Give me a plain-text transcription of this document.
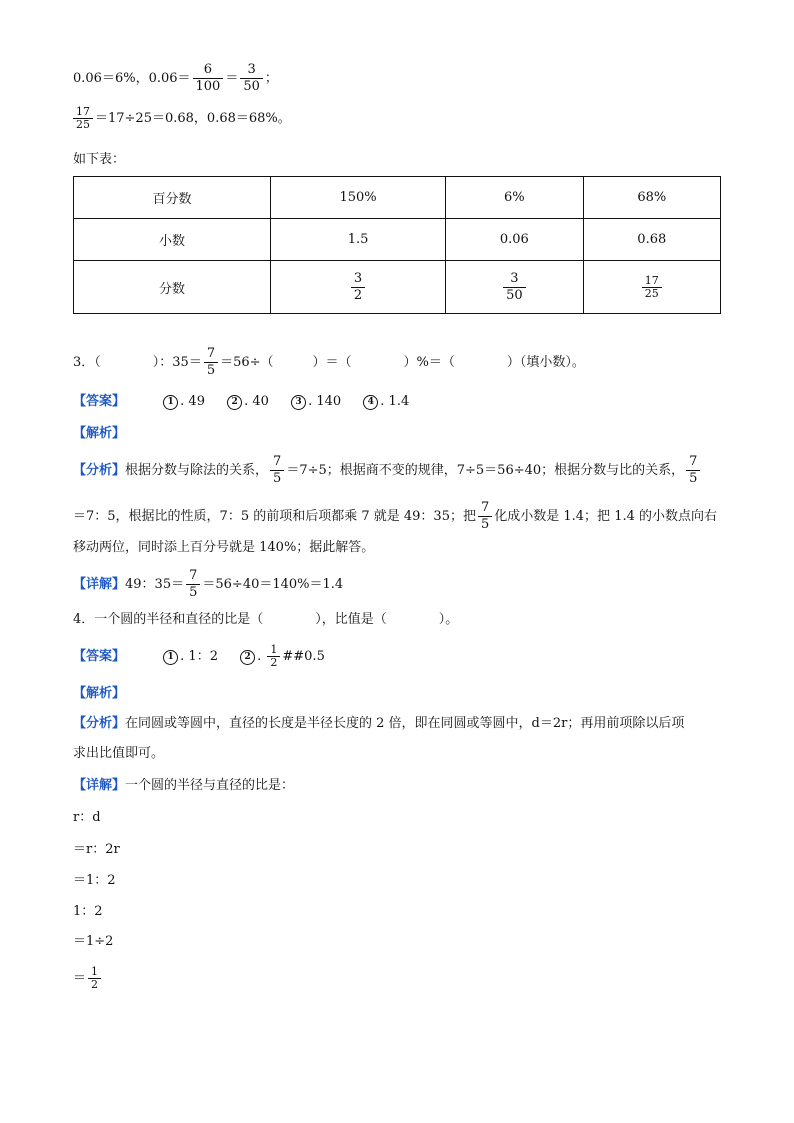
0.06＝6%，$0.06= \frac{6}{100} = \frac{3}{50}$ ；
$\frac{17}{25} =17\div 25=0.68$，0.68＝68%。
如下表：
百分数	150%	6%	68%
小数	1.5	0.06	0.68
分数	$\frac{3}{2}$	$\frac{3}{50}$	$\frac{17}{25}$
3．（　　　　）：$35= \frac{7}{5} =56\div$（　　　）＝（　　　　）%＝（　　　　）（填小数）。
【答案】	1 . 49	2 . 40	3 . 140	4 . 1.4
【解析】
【分析】根据分数与除法的关系， $\frac{7}{5} =7\div 5$；根据商不变的规律，7÷5＝56÷40；根据分数与比的关系， $\frac{7}{5}$
＝7：5，根据比的性质，7：5 的前项和后项都乘 7 就是 49：35；把 $\frac{7}{5}$ 化成小数是 1.4；把 1.4 的小数点向右
移动两位，同时添上百分号就是 140%；据此解答。
【详解】49：$35= \frac{7}{5} =56\div 40=140\%=1.4$
4．一个圆的半径和直径的比是（　　　　），比值是（　　　　）。
【答案】	1 . 1：2	2 . $\frac{1}{2}$ ##0.5
【解析】
【分析】在同圆或等圆中，直径的长度是半径长度的 2 倍，即在同圆或等圆中，d＝2r；再用前项除以后项
求出比值即可。
【详解】一个圆的半径与直径的比是：
r：d
＝r：2r
＝1：2
1：2
＝1÷2
＝ $\frac{1}{2}$
